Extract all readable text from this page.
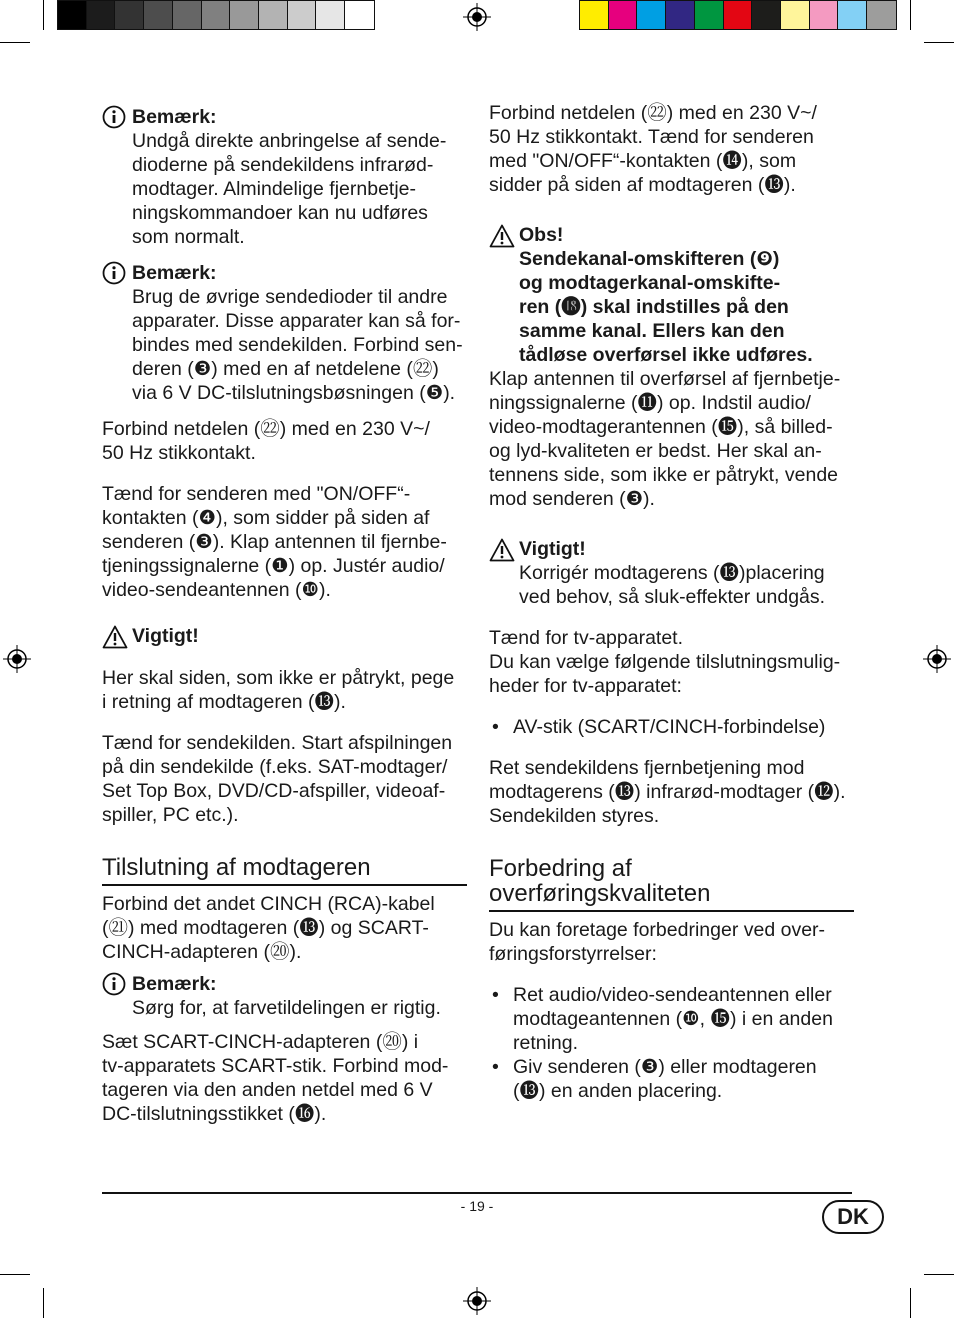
Bemærk:
Undgå direkte anbringelse af sende-
dioderne på sendekildens infrarød-
modtager. Almindelige fjernbetje-
ningskommandoer kan nu udføres
som normalt.

Bemærk:
Brug de øvrige sendedioder til andre
apparater. Disse apparater kan så for-
bindes med sendekilden. Forbind sen-
deren (❸) med en af netdelene (㉒)
via 6 V DC-tilslutningsbøsningen (❺).

Forbind netdelen (㉒) med en 230 V~/
50 Hz stikkontakt.

Tænd for senderen med "ON/OFF“-
kontakten (❹), som sidder på siden af
senderen (❸). Klap antennen til fjernbe-
tjeningssignalerne (❶) op. Justér audio/
video-sendeantennen (❿).

Vigtigt!

Her skal siden, som ikke er påtrykt, pege
i retning af modtageren (⓭).

Tænd for sendekilden. Start afspilningen
på din sendekilde (f.eks. SAT-modtager/
Set Top Box, DVD/CD-afspiller, videoaf-
spiller, PC etc.).

Tilslutning af modtageren

Forbind det andet CINCH (RCA)-kabel
(㉑) med modtageren (⓭) og SCART-
CINCH-adapteren (⑳).

Bemærk:
Sørg for, at farvetildelingen er rigtig.

Sæt SCART-CINCH-adapteren (⑳) i
tv-apparatets SCART-stik. Forbind mod-
tageren via den anden netdel med 6 V
DC-tilslutningsstikket (⓰).

Forbind netdelen (㉒) med en 230 V~/
50 Hz stikkontakt. Tænd for senderen
med "ON/OFF“-kontakten (⓮), som
sidder på siden af modtageren (⓭).

Obs!
Sendekanal-omskifteren (❾)
og modtagerkanal-omskifte-
ren (⓲) skal indstilles på den
samme kanal. Ellers kan den
tådløse overførsel ikke udføres.

Klap antennen til overførsel af fjernbetje-
ningssignalerne (⓫) op. Indstil audio/
video-modtagerantennen (⓯), så billed-
og lyd-kvaliteten er bedst. Her skal an-
tennens side, som ikke er påtrykt, vende
mod senderen (❸).

Vigtigt!
Korrigér modtagerens (⓭)placering
ved behov, så sluk-effekter undgås.

Tænd for tv-apparatet.
Du kan vælge følgende tilslutningsmulig-
heder for tv-apparatet:

• AV-stik (SCART/CINCH-forbindelse)

Ret sendekildens fjernbetjening mod
modtagerens (⓭) infrarød-modtager (⓬).
Sendekilden styres.

Forbedring af
overføringskvaliteten

Du kan foretage forbedringer ved over-
føringsforstyrrelser:

• Ret audio/video-sendeantennen eller
modtageantennen (❿, ⓯) i en anden
retning.
• Giv senderen (❸) eller modtageren
(⓭) en anden placering.
- 19 -	DK
